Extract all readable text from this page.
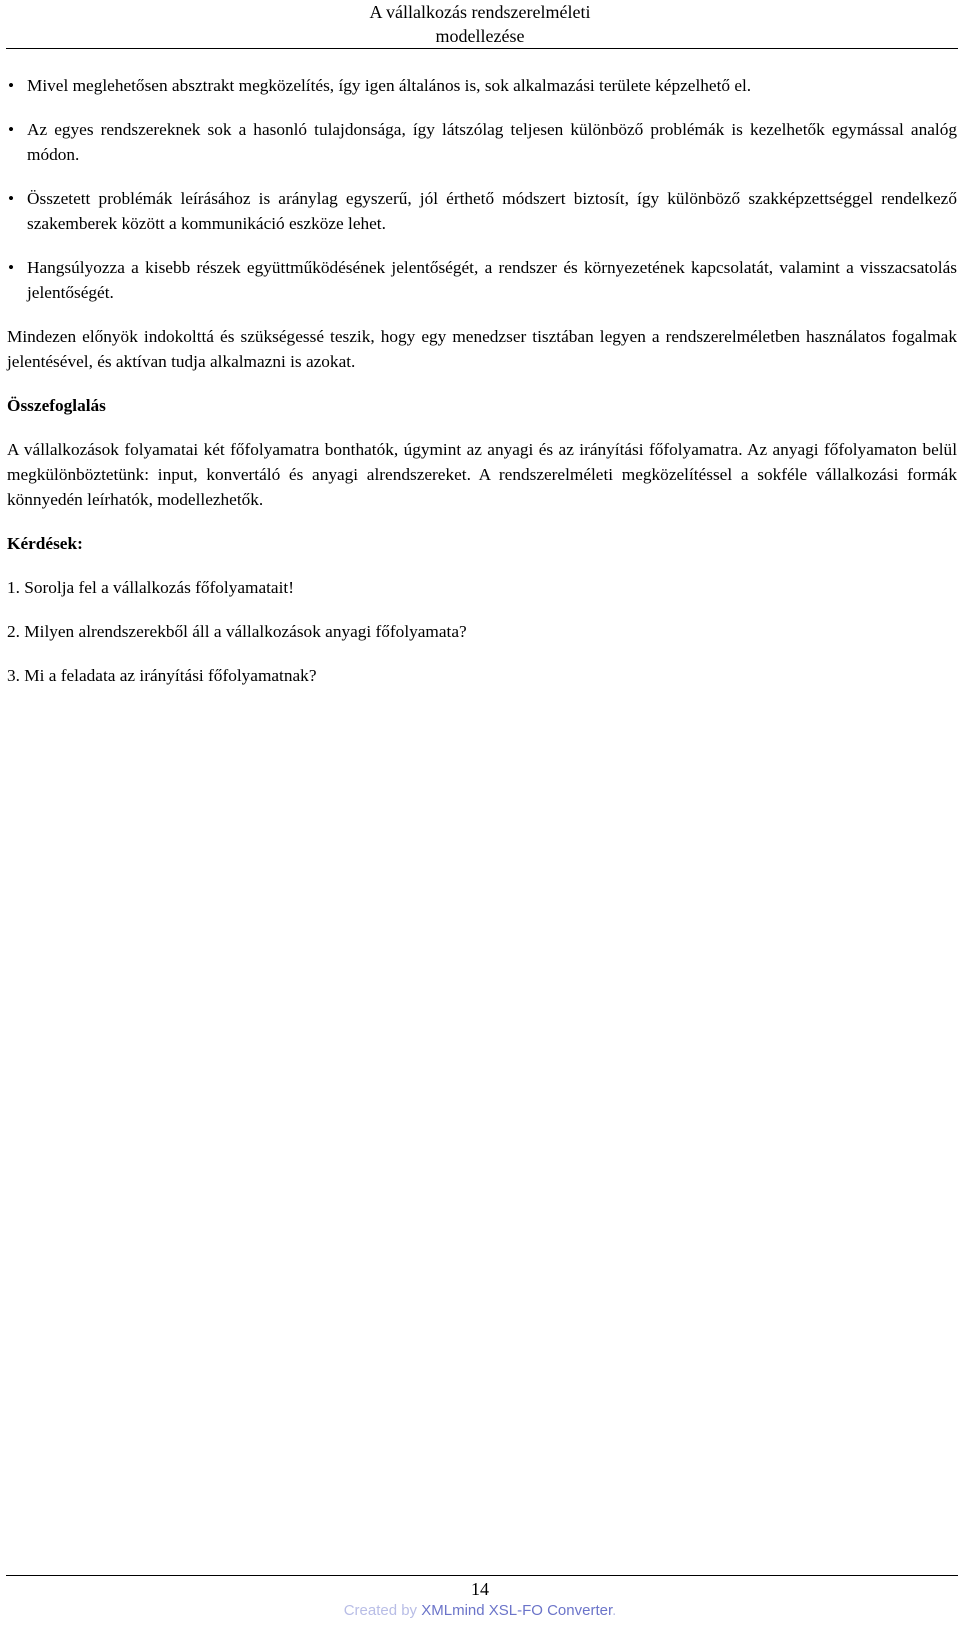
A vállalkozás rendszerelméleti
modellezése
• Mivel meglehetősen absztrakt megközelítés, így igen általános is, sok alkalmazási területe képzelhető el.
• Az egyes rendszereknek sok a hasonló tulajdonsága, így látszólag teljesen különböző problémák is kezelhetők egymással analóg módon.
• Összetett problémák leírásához is aránylag egyszerű, jól érthető módszert biztosít, így különböző szakképzettséggel rendelkező szakemberek között a kommunikáció eszköze lehet.
• Hangsúlyozza a kisebb részek együttműködésének jelentőségét, a rendszer és környezetének kapcsolatát, valamint a visszacsatolás jelentőségét.

Mindezen előnyök indokolttá és szükségessé teszik, hogy egy menedzser tisztában legyen a rendszerelméletben használatos fogalmak jelentésével, és aktívan tudja alkalmazni is azokat.

Összefoglalás

A vállalkozások folyamatai két főfolyamatra bonthatók, úgymint az anyagi és az irányítási főfolyamatra. Az anyagi főfolyamaton belül megkülönböztetünk: input, konvertáló és anyagi alrendszereket. A rendszerelméleti megközelítéssel a sokféle vállalkozási formák könnyedén leírhatók, modellezhetők.

Kérdések:

1. Sorolja fel a vállalkozás főfolyamatait!

2. Milyen alrendszerekből áll a vállalkozások anyagi főfolyamata?

3. Mi a feladata az irányítási főfolyamatnak?

14
Created by XMLmind XSL-FO Converter.
